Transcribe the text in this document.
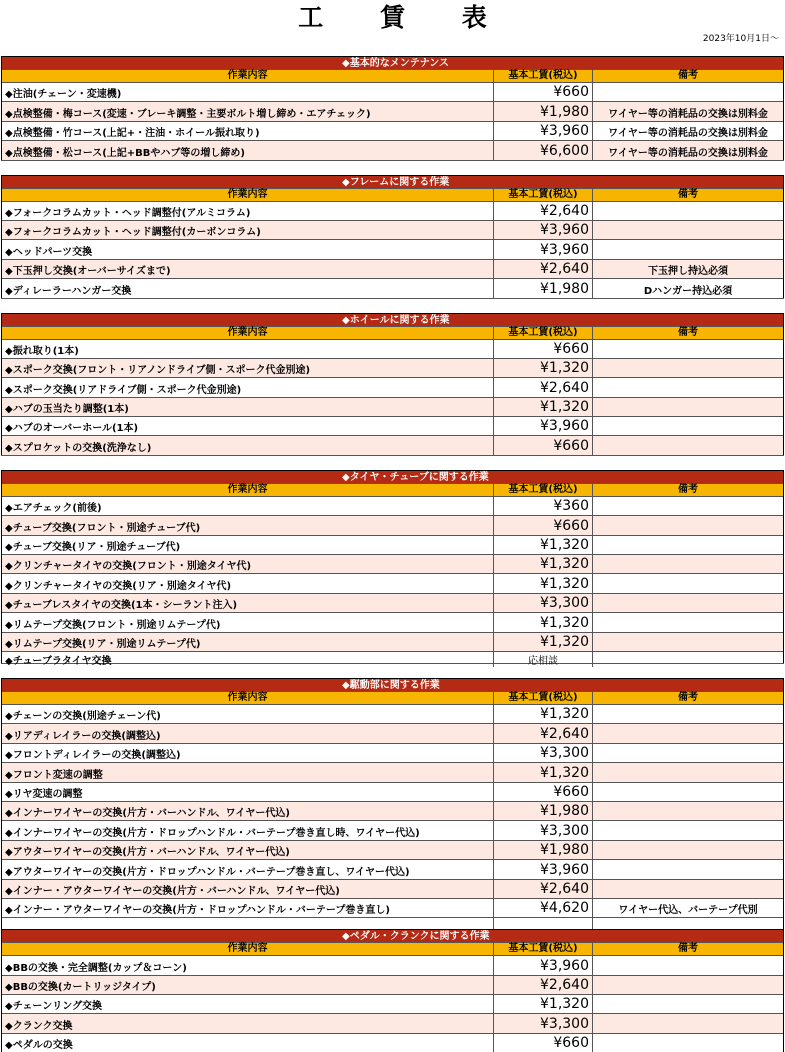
工 賃 表
2023年10月1日～
◆基本的なメンテナンス
作業内容	基本工賃(税込)	備考
◆注油(チェーン・変速機)	¥660
◆点検整備・梅コース(変速・ブレーキ調整・主要ボルト増し締め・エアチェック)	¥1,980	ワイヤー等の消耗品の交換は別料金
◆点検整備・竹コース(上記+・注油・ホイール振れ取り)	¥3,960	ワイヤー等の消耗品の交換は別料金
◆点検整備・松コース(上記+BBやハブ等の増し締め)	¥6,600	ワイヤー等の消耗品の交換は別料金
◆フレームに関する作業
作業内容	基本工賃(税込)	備考
◆フォークコラムカット・ヘッド調整付(アルミコラム)	¥2,640
◆フォークコラムカット・ヘッド調整付(カーボンコラム)	¥3,960
◆ヘッドパーツ交換	¥3,960
◆下玉押し交換(オーバーサイズまで)	¥2,640	下玉押し持込必須
◆ディレーラーハンガー交換	¥1,980	Dハンガー持込必須
◆ホイールに関する作業
作業内容	基本工賃(税込)	備考
◆振れ取り(1本)	¥660
◆スポーク交換(フロント・リアノンドライブ側・スポーク代金別途)	¥1,320
◆スポーク交換(リアドライブ側・スポーク代金別途)	¥2,640
◆ハブの玉当たり調整(1本)	¥1,320
◆ハブのオーバーホール(1本)	¥3,960
◆スプロケットの交換(洗浄なし)	¥660
◆タイヤ・チューブに関する作業
作業内容	基本工賃(税込)	備考
◆エアチェック(前後)	¥360
◆チューブ交換(フロント・別途チューブ代)	¥660
◆チューブ交換(リア・別途チューブ代)	¥1,320
◆クリンチャータイヤの交換(フロント・別途タイヤ代)	¥1,320
◆クリンチャータイヤの交換(リア・別途タイヤ代)	¥1,320
◆チューブレスタイヤの交換(1本・シーラント注入)	¥3,300
◆リムテープ交換(フロント・別途リムテープ代)	¥1,320
◆リムテープ交換(リア・別途リムテープ代)	¥1,320
◆チューブラタイヤ交換	応相談
◆駆動部に関する作業
作業内容	基本工賃(税込)	備考
◆チェーンの交換(別途チェーン代)	¥1,320
◆リアディレイラーの交換(調整込)	¥2,640
◆フロントディレイラーの交換(調整込)	¥3,300
◆フロント変速の調整	¥1,320
◆リヤ変速の調整	¥660
◆インナーワイヤーの交換(片方・バーハンドル、ワイヤー代込)	¥1,980
◆インナーワイヤーの交換(片方・ドロップハンドル・バーテープ巻き直し時、ワイヤー代込)	¥3,300
◆アウターワイヤーの交換(片方・バーハンドル、ワイヤー代込)	¥1,980
◆アウターワイヤーの交換(片方・ドロップハンドル・バーテープ巻き直し、ワイヤー代込)	¥3,960
◆インナー・アウターワイヤーの交換(片方・バーハンドル、ワイヤー代込)	¥2,640
◆インナー・アウターワイヤーの交換(片方・ドロップハンドル・バーテープ巻き直し)	¥4,620	ワイヤー代込、バーテープ代別
◆ペダル・クランクに関する作業
作業内容	基本工賃(税込)	備考
◆BBの交換・完全調整(カップ＆コーン)	¥3,960
◆BBの交換(カートリッジタイプ)	¥2,640
◆チェーンリング交換	¥1,320
◆クランク交換	¥3,300
◆ペダルの交換	¥660
